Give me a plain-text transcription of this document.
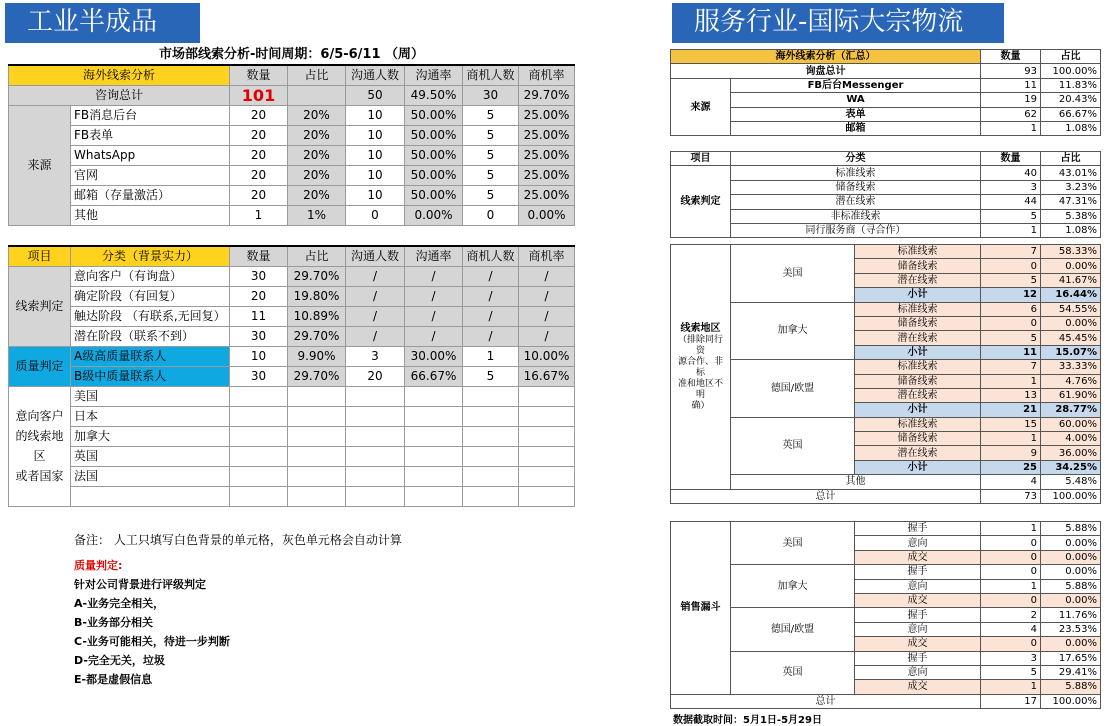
工业半成品	服务行业-国际大宗物流
市场部线索分析-时间周期：6/5-6/11 （周）							
海外线索分析		数量	占比	沟通人数	沟通率	商机人数	商机率
咨询总计		101		50	49.50%	30	29.70%
来源	FB消息后台	20	20%	10	50.00%	5	25.00%
	FB表单	20	20%	10	50.00%	5	25.00%
	WhatsApp	20	20%	10	50.00%	5	25.00%
	官网	20	20%	10	50.00%	5	25.00%
	邮箱（存量激活）	20	20%	10	50.00%	5	25.00%
	其他	1	1%	0	0.00%	0	0.00%

项目	分类（背景实力）	数量	占比	沟通人数	沟通率	商机人数	商机率
线索判定	意向客户（有询盘）	30	29.70%	/	/	/	/
	确定阶段（有回复）	20	19.80%	/	/	/	/
	触达阶段 （有联系,无回复）	11	10.89%	/	/	/	/
	潜在阶段（联系不到）	30	29.70%	/	/	/	/
质量判定	A级高质量联系人	10	9.90%	3	30.00%	1	10.00%
	B级中质量联系人	30	29.70%	20	66.67%	5	16.67%

意向客户
的线索地
区
或者国家	美国						
	日本						
	加拿大						
	英国						
	法国						

备注： 人工只填写白色背景的单元格，灰色单元格会自动计算
质量判定:
针对公司背景进行评级判定
A-业务完全相关，
B-业务部分相关
C-业务可能相关，待进一步判断
D-完全无关，垃圾
E-都是虚假信息
海外线索分析（汇总）		数量	占比
询盘总计		93	100.00%
来源	FB后台Messenger	11	11.83%
	WA	19	20.43%
	表单	62	66.67%
	邮箱	1	1.08%
项目	分类	数量	占比
线索判定	标准线索	40	43.01%
	储备线索	3	3.23%
	潜在线索	44	47.31%
	非标准线索	5	5.38%
	同行服务商（寻合作）	1	1.08%
线索地区
（排除同行资
源合作、非标
准和地区不明
确）	美国	标准线索	7	58.33%
		储备线索	0	0.00%
		潜在线索	5	41.67%
		小计	12	16.44%
	加拿大	标准线索	6	54.55%
		储备线索	0	0.00%
		潜在线索	5	45.45%
		小计	11	15.07%
	德国/欧盟	标准线索	7	33.33%
		储备线索	1	4.76%
		潜在线索	13	61.90%
		小计	21	28.77%
	英国	标准线索	15	60.00%
		储备线索	1	4.00%
		潜在线索	9	36.00%
		小计	25	34.25%
	其他		4	5.48%
总计			73	100.00%
销售漏斗	美国	握手	1	5.88%
		意向	0	0.00%
		成交	0	0.00%
	加拿大	握手	0	0.00%
		意向	1	5.88%
		成交	0	0.00%
	德国/欧盟	握手	2	11.76%
		意向	4	23.53%
		成交	0	0.00%
	英国	握手	3	17.65%
		意向	5	29.41%
		成交	1	5.88%
总计			17	100.00%
数据截取时间：5月1日-5月29日
